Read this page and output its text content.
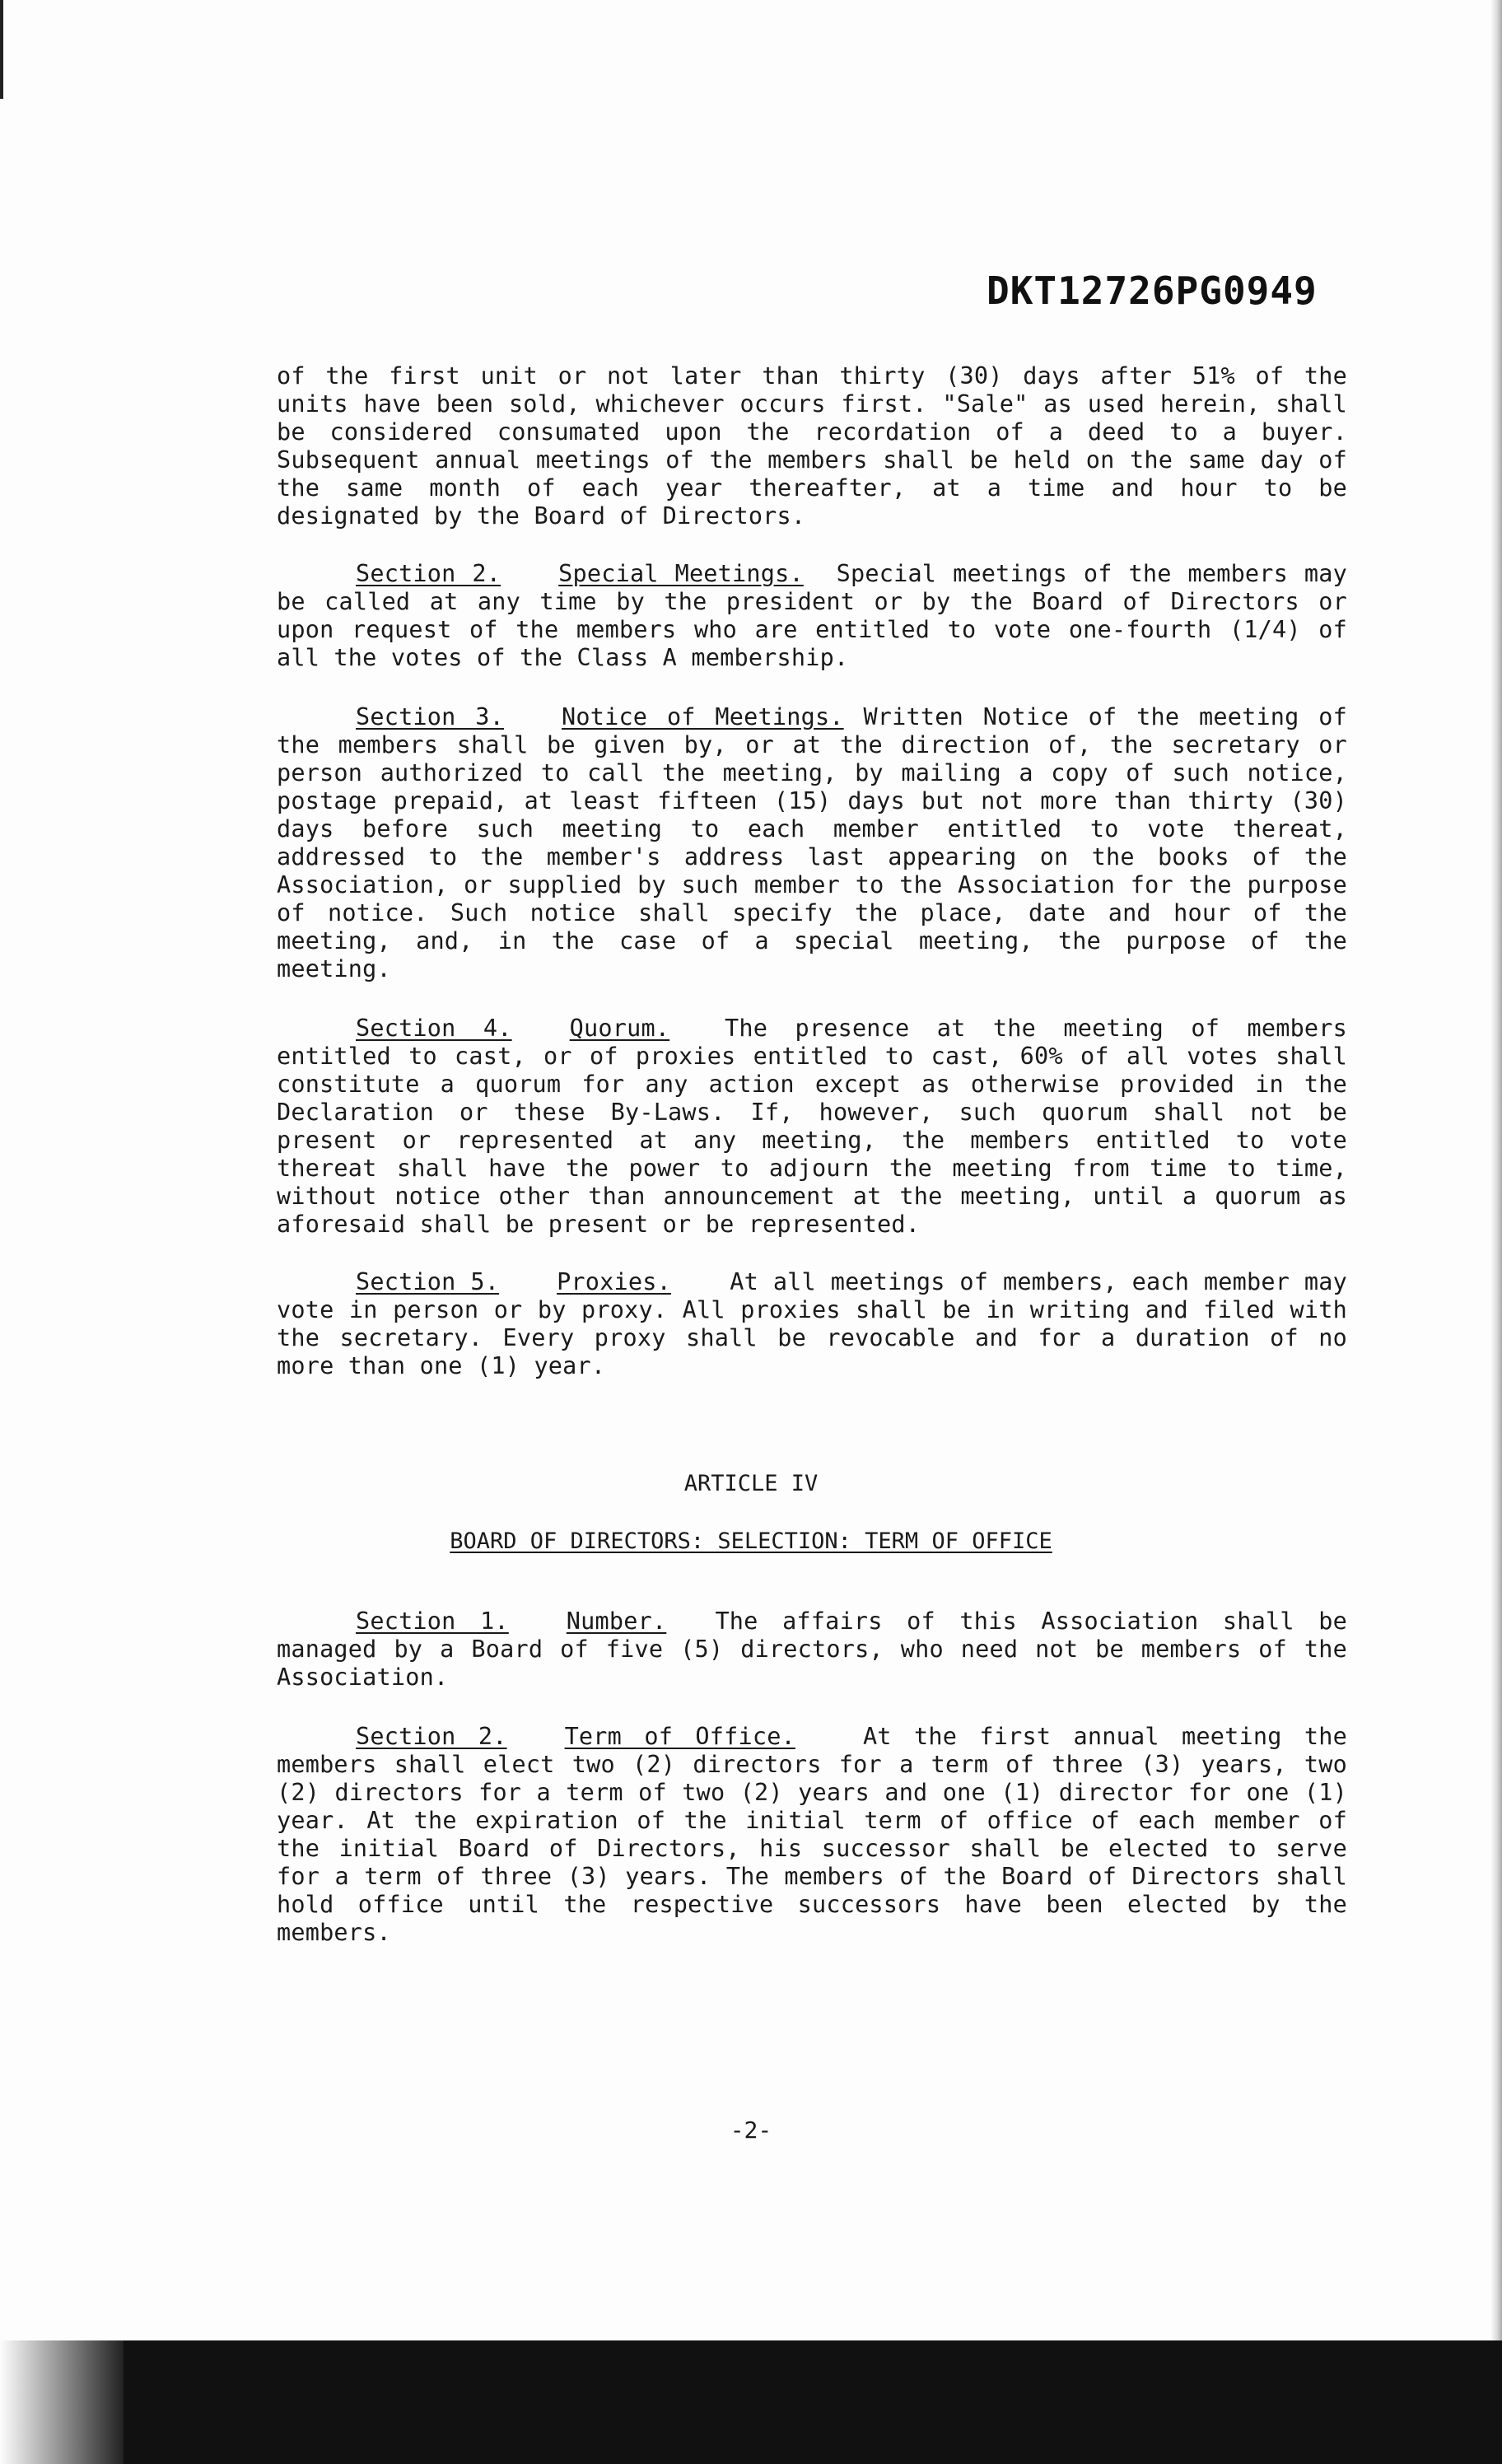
DKT12726PG0949

of the first unit or not later than thirty (30) days after 51% of the units have been sold, whichever occurs first. "Sale" as used herein, shall be considered consumated upon the recordation of a deed to a buyer. Subsequent annual meetings of the members shall be held on the same day of the same month of each year thereafter, at a time and hour to be designated by the Board of Directors.

Section 2. Special Meetings. Special meetings of the members may be called at any time by the president or by the Board of Directors or upon request of the members who are entitled to vote one-fourth (1/4) of all the votes of the Class A membership.

Section 3. Notice of Meetings. Written Notice of the meeting of the members shall be given by, or at the direction of, the secretary or person authorized to call the meeting, by mailing a copy of such notice, postage prepaid, at least fifteen (15) days but not more than thirty (30) days before such meeting to each member entitled to vote thereat, addressed to the member's address last appearing on the books of the Association, or supplied by such member to the Association for the purpose of notice. Such notice shall specify the place, date and hour of the meeting, and, in the case of a special meeting, the purpose of the meeting.

Section 4. Quorum. The presence at the meeting of members entitled to cast, or of proxies entitled to cast, 60% of all votes shall constitute a quorum for any action except as otherwise provided in the Declaration or these By-Laws. If, however, such quorum shall not be present or represented at any meeting, the members entitled to vote thereat shall have the power to adjourn the meeting from time to time, without notice other than announcement at the meeting, until a quorum as aforesaid shall be present or be represented.

Section 5. Proxies.	At all meetings of members, each member may vote in person or by proxy. All proxies shall be in writing and filed with the secretary. Every proxy shall be revocable and for a duration of no more than one (1) year.

ARTICLE IV
BOARD OF DIRECTORS: SELECTION: TERM OF OFFICE

Section 1. Number. The affairs of this Association shall be managed by a Board of five (5) directors, who need not be members of the Association.

Section 2. Term of Office.	At the first annual meeting the members shall elect two (2) directors for a term of three (3) years, two (2) directors for a term of two (2) years and one (1) director for one (1) year. At the expiration of the initial term of office of each member of the initial Board of Directors, his successor shall be elected to serve for a term of three (3) years. The members of the Board of Directors shall hold office until the respective successors have been elected by the members.

-2-
